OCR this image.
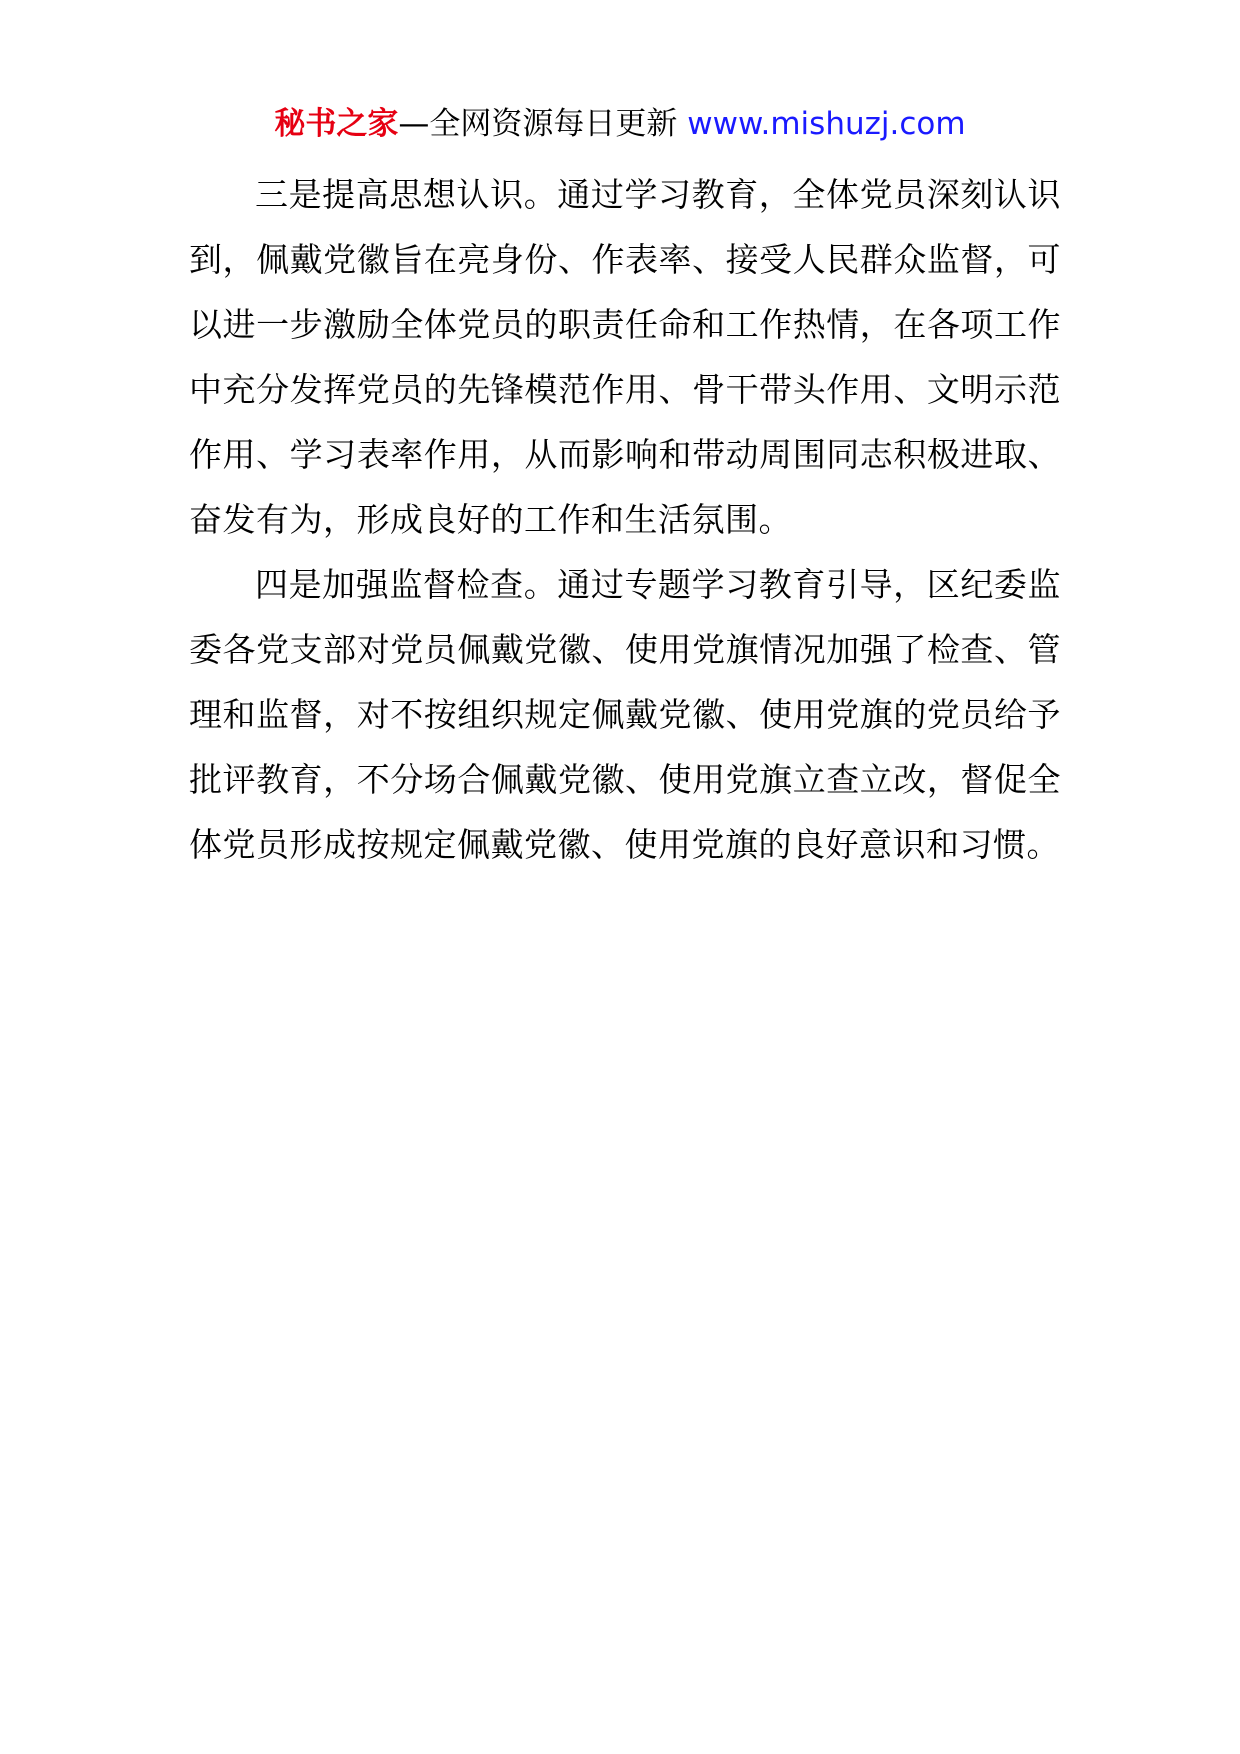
秘书之家—全网资源每日更新 www.mishuzj.com

三是提高思想认识。通过学习教育，全体党员深刻认识到，佩戴党徽旨在亮身份、作表率、接受人民群众监督，可以进一步激励全体党员的职责任命和工作热情，在各项工作中充分发挥党员的先锋模范作用、骨干带头作用、文明示范作用、学习表率作用，从而影响和带动周围同志积极进取、奋发有为，形成良好的工作和生活氛围。

四是加强监督检查。通过专题学习教育引导，区纪委监委各党支部对党员佩戴党徽、使用党旗情况加强了检查、管理和监督，对不按组织规定佩戴党徽、使用党旗的党员给予批评教育，不分场合佩戴党徽、使用党旗立查立改，督促全体党员形成按规定佩戴党徽、使用党旗的良好意识和习惯。
